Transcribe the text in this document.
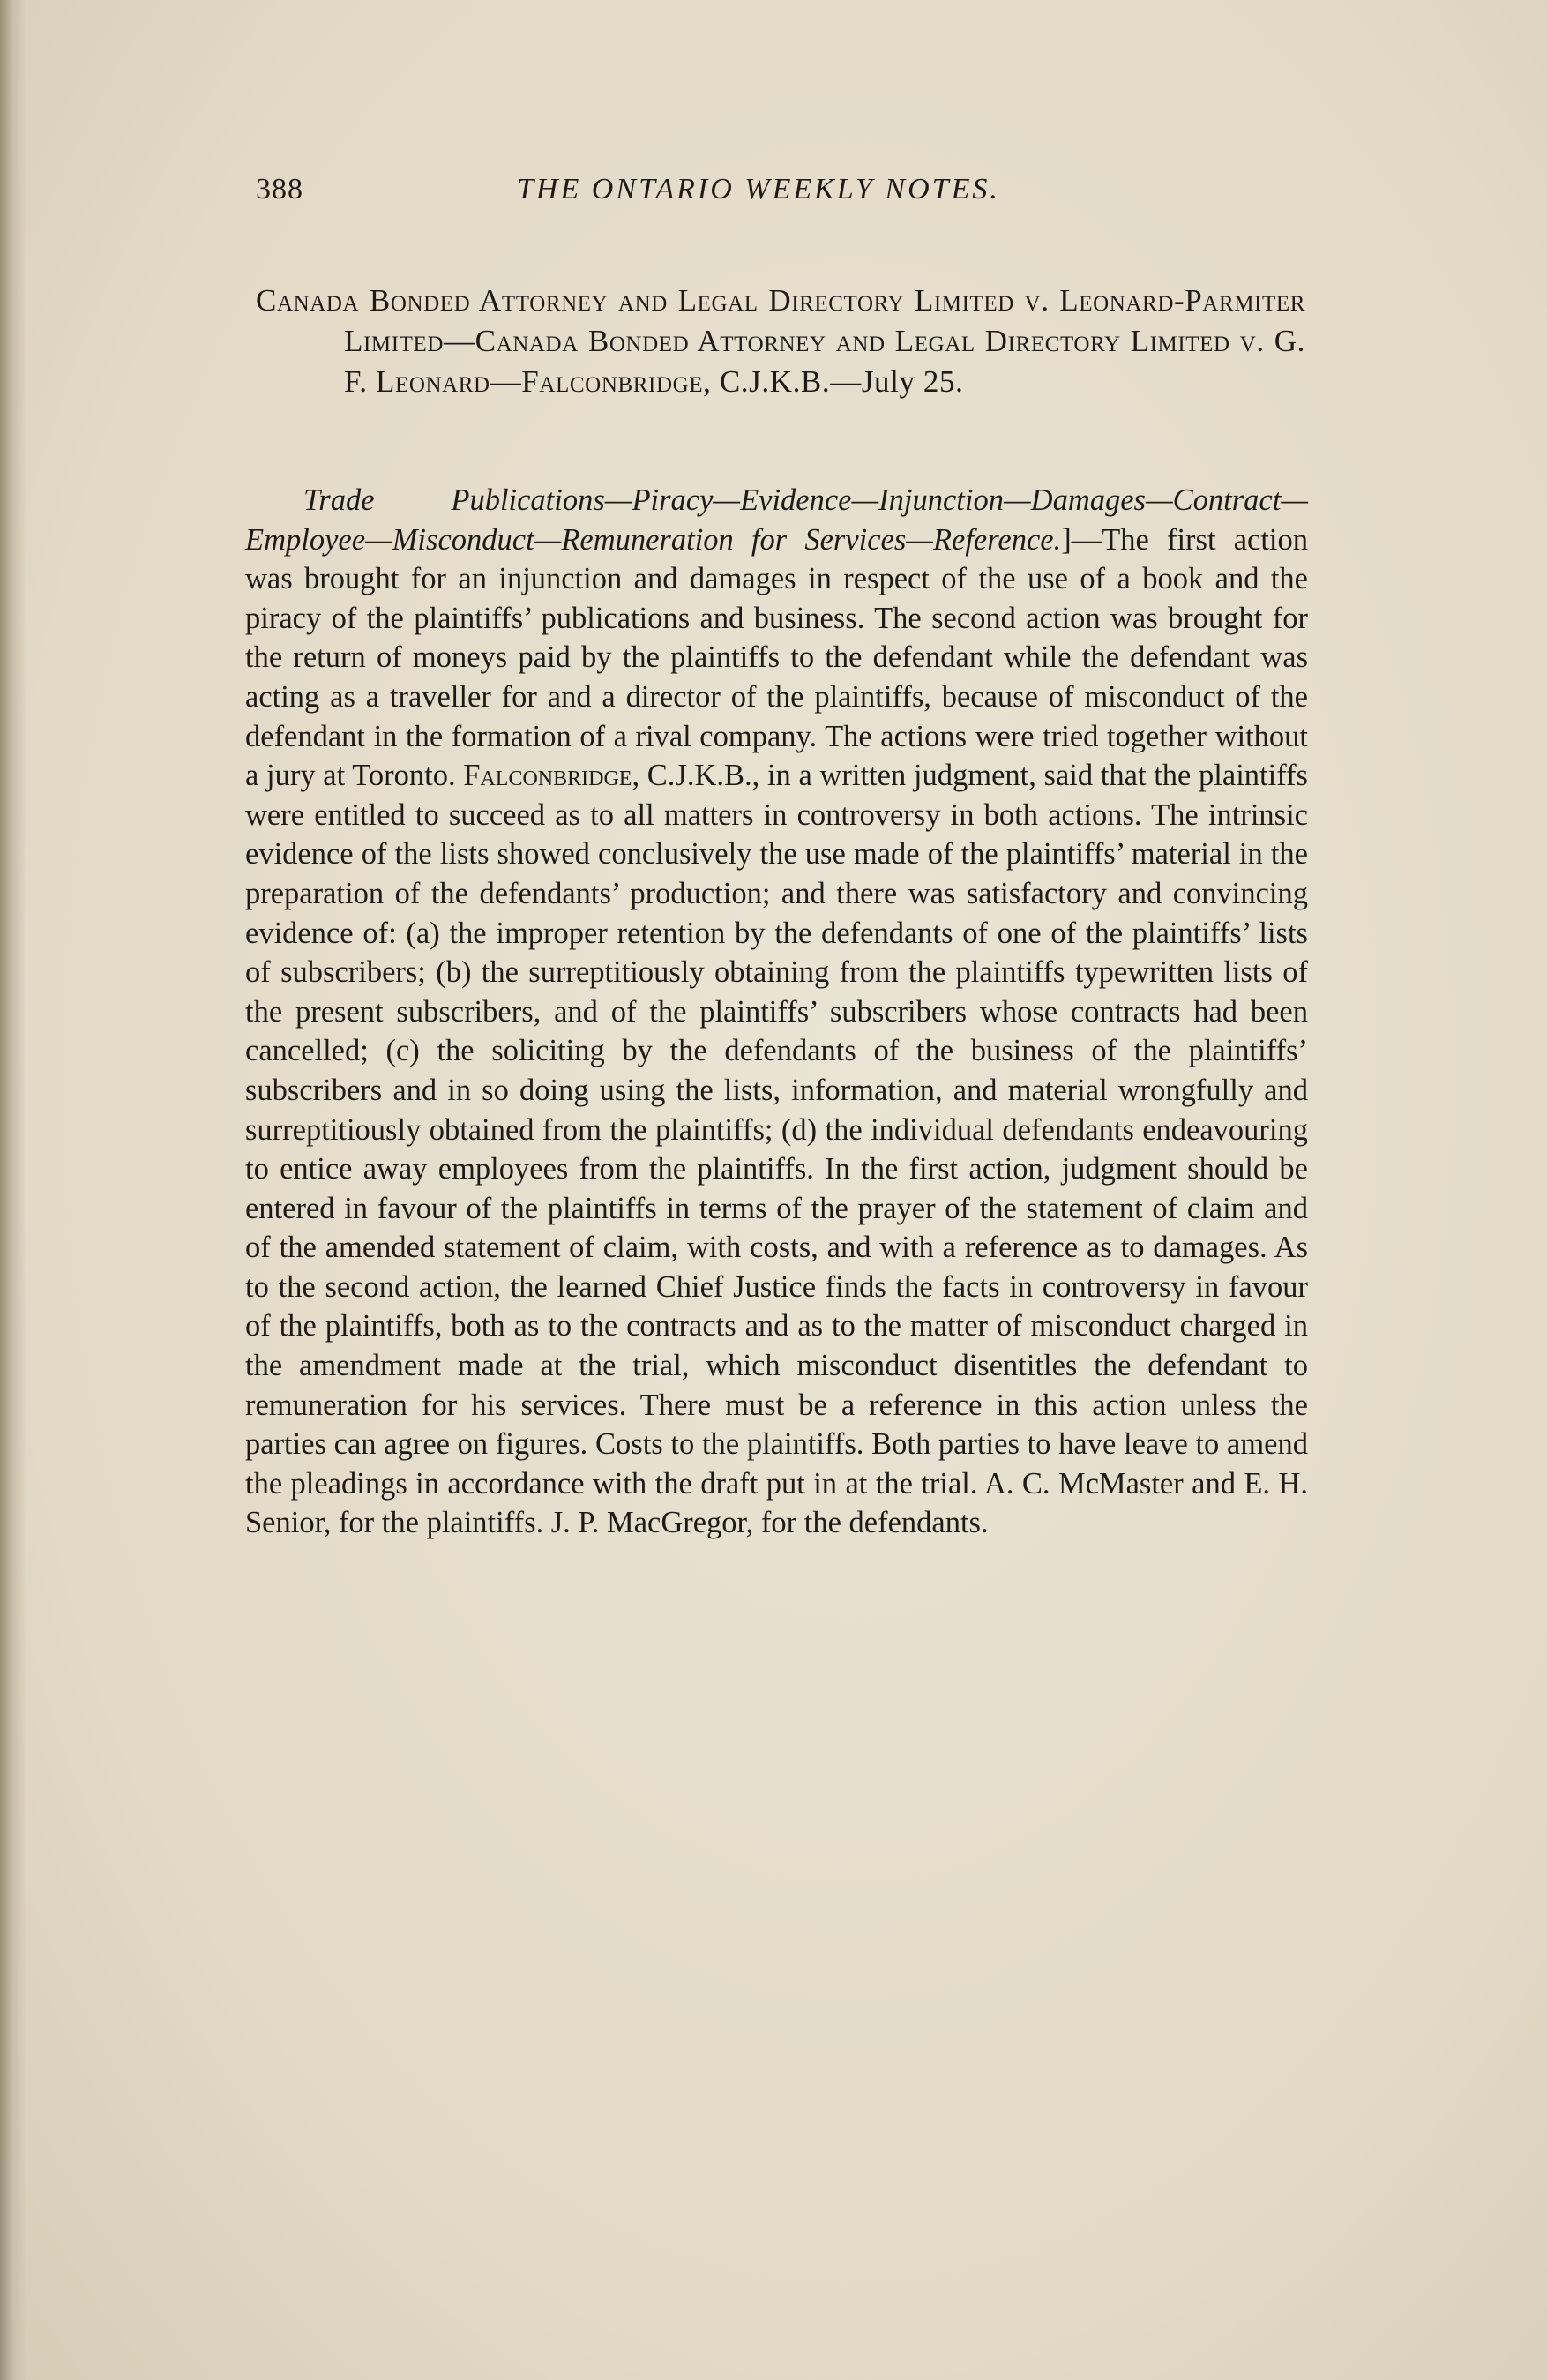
388	THE ONTARIO WEEKLY NOTES.
Canada Bonded Attorney and Legal Directory Limited v. Leonard-Parmiter Limited—Canada Bonded Attorney and Legal Directory Limited v. G. F. Leonard—Falconbridge, C.J.K.B.—July 25.

Trade Publications—Piracy—Evidence—Injunction—Damages—Contract—Employee—Misconduct—Remuneration for Services—Reference.]—The first action was brought for an injunction and damages in respect of the use of a book and the piracy of the plaintiffs’ publications and business. The second action was brought for the return of moneys paid by the plaintiffs to the defendant while the defendant was acting as a traveller for and a director of the plaintiffs, because of misconduct of the defendant in the formation of a rival company. The actions were tried together without a jury at Toronto. Falconbridge, C.J.K.B., in a written judgment, said that the plaintiffs were entitled to succeed as to all matters in controversy in both actions. The intrinsic evidence of the lists showed conclusively the use made of the plaintiffs’ material in the preparation of the defendants’ production; and there was satisfactory and convincing evidence of: (a) the improper retention by the defendants of one of the plaintiffs’ lists of subscribers; (b) the surreptitiously obtaining from the plaintiffs typewritten lists of the present subscribers, and of the plaintiffs’ subscribers whose contracts had been cancelled; (c) the soliciting by the defendants of the business of the plaintiffs’ subscribers and in so doing using the lists, information, and material wrongfully and surreptitiously obtained from the plaintiffs; (d) the individual defendants endeavouring to entice away employees from the plaintiffs. In the first action, judgment should be entered in favour of the plaintiffs in terms of the prayer of the statement of claim and of the amended statement of claim, with costs, and with a reference as to damages. As to the second action, the learned Chief Justice finds the facts in controversy in favour of the plaintiffs, both as to the contracts and as to the matter of misconduct charged in the amendment made at the trial, which misconduct disentitles the defendant to remuneration for his services. There must be a reference in this action unless the parties can agree on figures. Costs to the plaintiffs. Both parties to have leave to amend the pleadings in accordance with the draft put in at the trial. A. C. McMaster and E. H. Senior, for the plaintiffs. J. P. MacGregor, for the defendants.
